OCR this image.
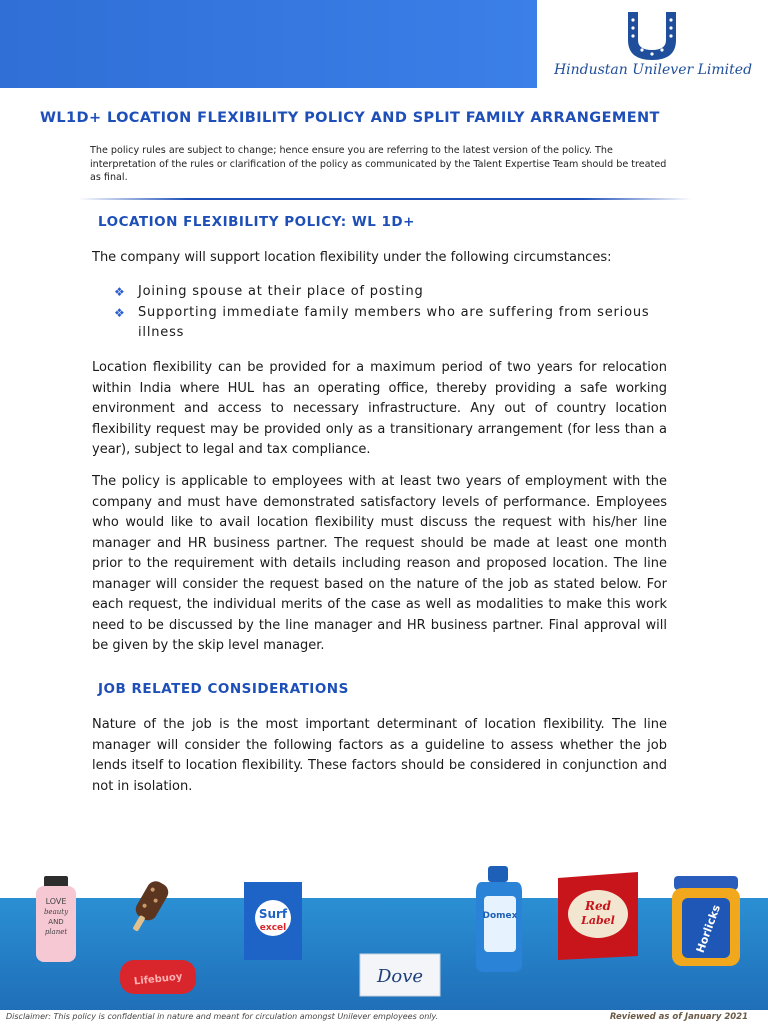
Hindustan Unilever Limited
WL1D+ LOCATION FLEXIBILITY POLICY AND SPLIT FAMILY ARRANGEMENT
The policy rules are subject to change; hence ensure you are referring to the latest version of the policy. The interpretation of the rules or clarification of the policy as communicated by the Talent Expertise Team should be treated as final.
LOCATION FLEXIBILITY POLICY: WL 1D+
The company will support location flexibility under the following circumstances:
❖ Joining spouse at their place of posting
❖ Supporting immediate family members who are suffering from serious illness
Location flexibility can be provided for a maximum period of two years for relocation within India where HUL has an operating office, thereby providing a safe working environment and access to necessary infrastructure. Any out of country location flexibility request may be provided only as a transitionary arrangement (for less than a year), subject to legal and tax compliance.
The policy is applicable to employees with at least two years of employment with the company and must have demonstrated satisfactory levels of performance. Employees who would like to avail location flexibility must discuss the request with his/her line manager and HR business partner. The request should be made at least one month prior to the requirement with details including reason and proposed location. The line manager will consider the request based on the nature of the job as stated below. For each request, the individual merits of the case as well as modalities to make this work need to be discussed by the line manager and HR business partner. Final approval will be given by the skip level manager.
JOB RELATED CONSIDERATIONS
Nature of the job is the most important determinant of location flexibility. The line manager will consider the following factors as a guideline to assess whether the job lends itself to location flexibility. These factors should be considered in conjunction and not in isolation.
LOVE
beauty
AND
planet
Lifebuoy
Surf
excel
Dove
Domex
Red
Label	Horlicks
Disclaimer: This policy is confidential in nature and meant for circulation amongst Unilever employees only.	Reviewed as of January 2021
